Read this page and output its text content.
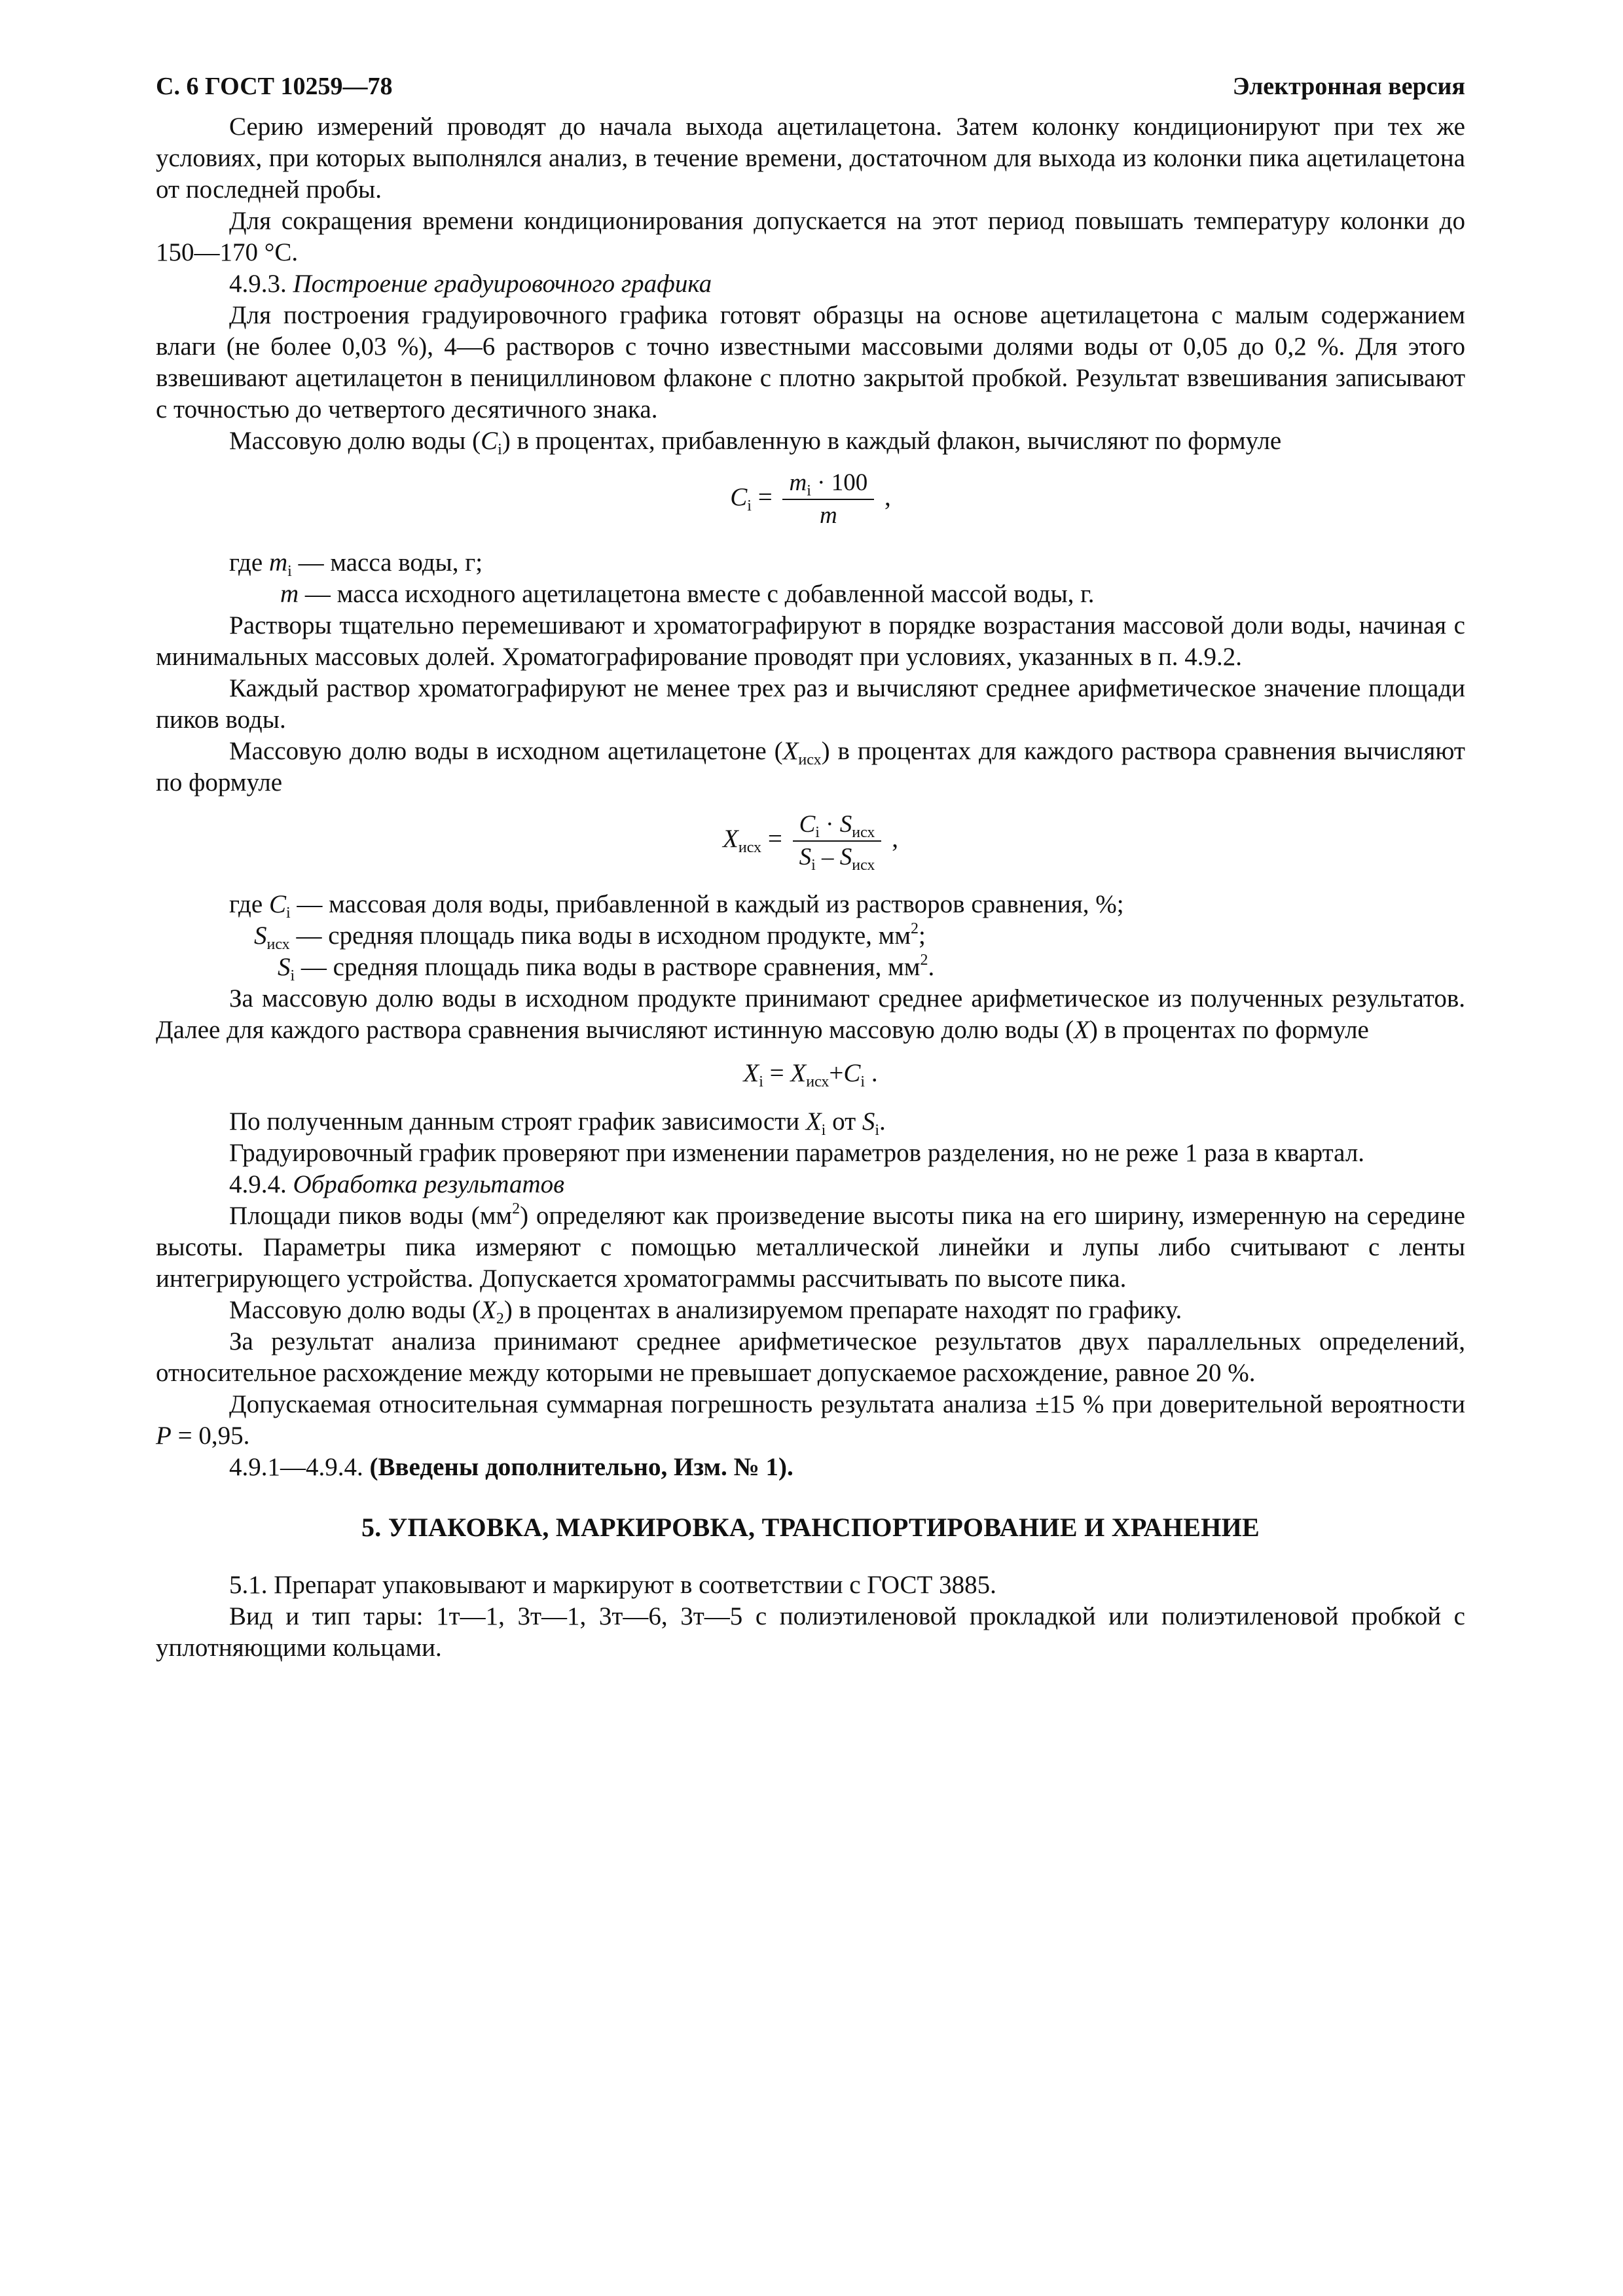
С. 6 ГОСТ 10259—78	Электронная версия

Серию измерений проводят до начала выхода ацетилацетона. Затем колонку кондиционируют при тех же условиях, при которых выполнялся анализ, в течение времени, достаточном для выхода из колонки пика ацетилацетона от последней пробы.

Для сокращения времени кондиционирования допускается на этот период повышать температуру колонки до 150—170 °С.

4.9.3. Построение градуировочного графика

Для построения градуировочного графика готовят образцы на основе ацетилацетона с малым содержанием влаги (не более 0,03 %), 4—6 растворов с точно известными массовыми долями воды от 0,05 до 0,2 %. Для этого взвешивают ацетилацетон в пенициллиновом флаконе с плотно закрытой пробкой. Результат взвешивания записывают с точностью до четвертого десятичного знака.

Массовую долю воды $(C_i)$ в процентах, прибавленную в каждый флакон, вычисляют по формуле

$C_i = \frac{m_i \cdot 100}{m}$ ,
где $m_i$ — масса воды, г;
m — масса исходного ацетилацетона вместе с добавленной массой воды, г.

Растворы тщательно перемешивают и хроматографируют в порядке возрастания массовой доли воды, начиная с минимальных массовых долей. Хроматографирование проводят при условиях, указанных в п. 4.9.2.

Каждый раствор хроматографируют не менее трех раз и вычисляют среднее арифметическое значение площади пиков воды.

Массовую долю воды в исходном ацетилацетоне $(X_{исх})$ в процентах для каждого раствора сравнения вычисляют по формуле

$X_{исх} = \frac{C_i \cdot S_{исх}}{S_i - S_{исх}}$ ,
где $C_i$ — массовая доля воды, прибавленной в каждый из растворов сравнения, %;
$S_{исх}$ — средняя площадь пика воды в исходном продукте, $мм^2$;
$S_i$ — средняя площадь пика воды в растворе сравнения, $мм^2$.

За массовую долю воды в исходном продукте принимают среднее арифметическое из полученных результатов. Далее для каждого раствора сравнения вычисляют истинную массовую долю воды (X) в процентах по формуле

$X_i = X_{исх}+C_i$ .

По полученным данным строят график зависимости $X_i$ от $S_i$.

Градуировочный график проверяют при изменении параметров разделения, но не реже 1 раза в квартал.

4.9.4. Обработка результатов

Площади пиков воды $(мм^2)$ определяют как произведение высоты пика на его ширину, измеренную на середине высоты. Параметры пика измеряют с помощью металлической линейки и лупы либо считывают с ленты интегрирующего устройства. Допускается хроматограммы рассчитывать по высоте пика.

Массовую долю воды $(X_2)$ в процентах в анализируемом препарате находят по графику.

За результат анализа принимают среднее арифметическое результатов двух параллельных определений, относительное расхождение между которыми не превышает допускаемое расхождение, равное 20 %.

Допускаемая относительная суммарная погрешность результата анализа ±15 % при доверительной вероятности P = 0,95.

4.9.1—4.9.4. (Введены дополнительно, Изм. № 1).

5. УПАКОВКА, МАРКИРОВКА, ТРАНСПОРТИРОВАНИЕ И ХРАНЕНИЕ

5.1. Препарат упаковывают и маркируют в соответствии с ГОСТ 3885.

Вид и тип тары: 1т—1, 3т—1, 3т—6, 3т—5 с полиэтиленовой прокладкой или полиэтиленовой пробкой с уплотняющими кольцами.
